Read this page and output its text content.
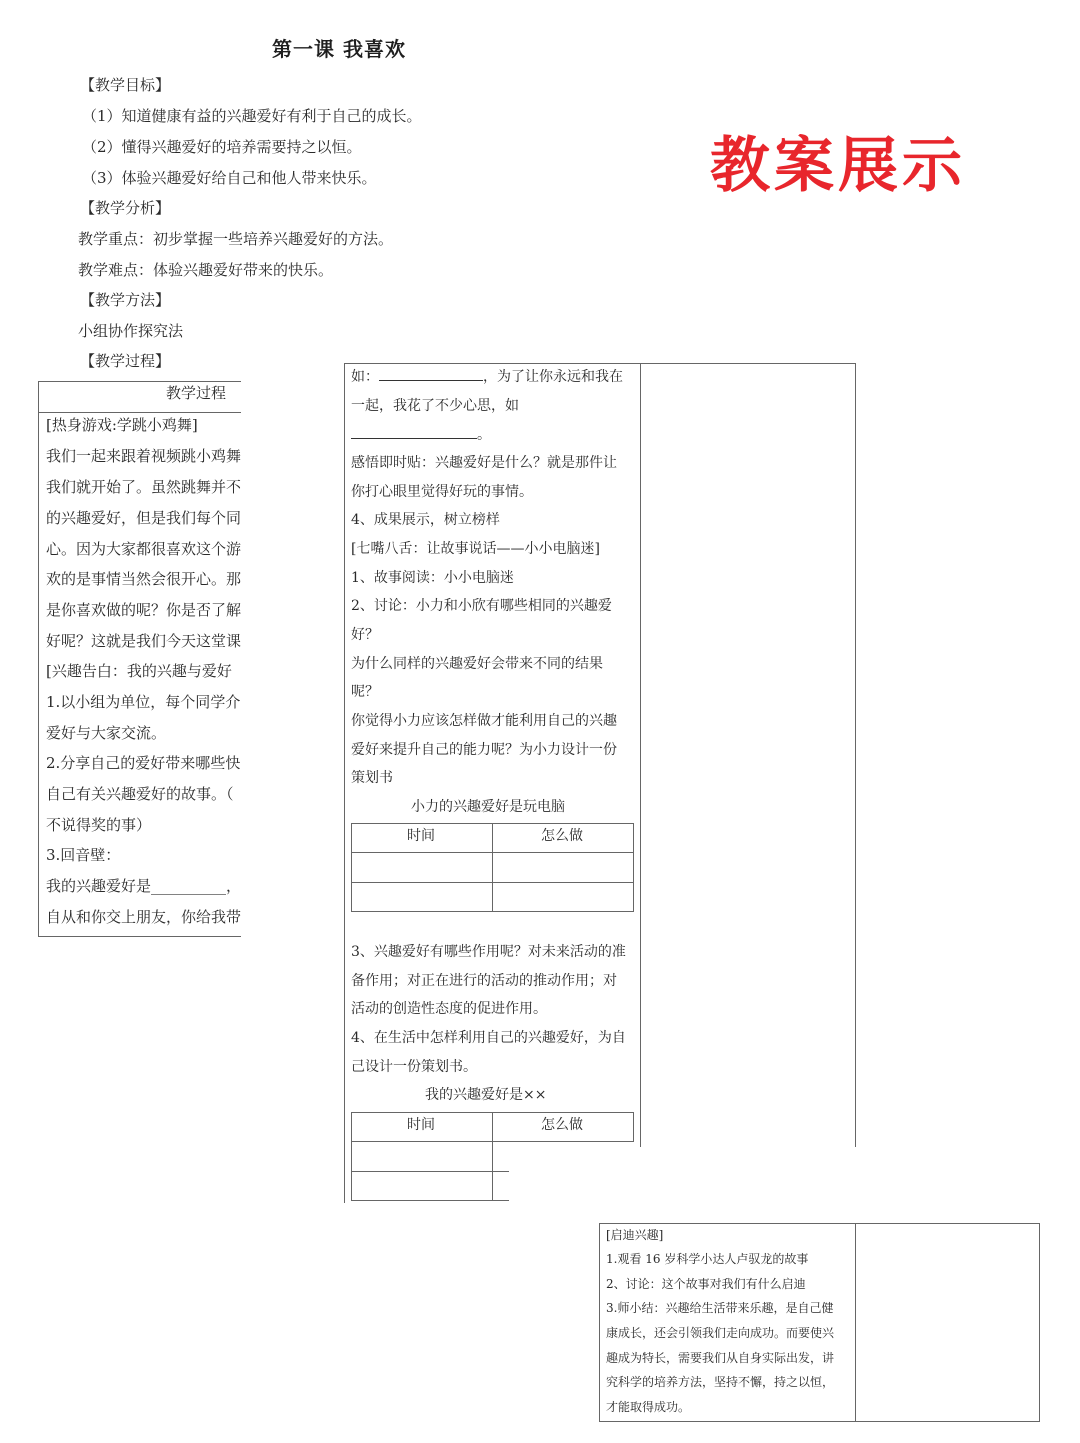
第一课 我喜欢
教案展示
【教学目标】
（1）知道健康有益的兴趣爱好有利于自己的成长。
（2）懂得兴趣爱好的培养需要持之以恒。
（3）体验兴趣爱好给自己和他人带来快乐。
【教学分析】
教学重点：初步掌握一些培养兴趣爱好的方法。
教学难点：体验兴趣爱好带来的快乐。
【教学方法】
小组协作探究法
【教学过程】
教学过程
[热身游戏:学跳小鸡舞]
我们一起来跟着视频跳小鸡舞
我们就开始了。虽然跳舞并不
的兴趣爱好，但是我们每个同
心。因为大家都很喜欢这个游
欢的是事情当然会很开心。那
是你喜欢做的呢？你是否了解
好呢？这就是我们今天这堂课
[兴趣告白：我的兴趣与爱好
1.以小组为单位，每个同学介
爱好与大家交流。
2.分享自己的爱好带来哪些快
自己有关兴趣爱好的故事。（
不说得奖的事）
3.回音壁：
我的兴趣爱好是__________，
自从和你交上朋友，你给我带
如：	，为了让你永远和我在
一起，我花了不少心思，如
。
感悟即时贴：兴趣爱好是什么？就是那件让
你打心眼里觉得好玩的事情。
4、成果展示，树立榜样
[七嘴八舌：让故事说话——小小电脑迷]
1、故事阅读：小小电脑迷
2、讨论：小力和小欣有哪些相同的兴趣爱
好？
为什么同样的兴趣爱好会带来不同的结果
呢？
你觉得小力应该怎样做才能利用自己的兴趣
爱好来提升自己的能力呢？为小力设计一份
策划书
小力的兴趣爱好是玩电脑
时间	怎么做
3、兴趣爱好有哪些作用呢？对未来活动的准
备作用；对正在进行的活动的推动作用；对
活动的创造性态度的促进作用。
4、在生活中怎样利用自己的兴趣爱好，为自
己设计一份策划书。
我的兴趣爱好是××
时间	怎么做
[启迪兴趣]
1.观看 16 岁科学小达人卢驭龙的故事
2、讨论：这个故事对我们有什么启迪
3.师小结：兴趣给生活带来乐趣，是自己健
康成长，还会引领我们走向成功。而要使兴
趣成为特长，需要我们从自身实际出发，讲
究科学的培养方法，坚持不懈，持之以恒，
才能取得成功。
